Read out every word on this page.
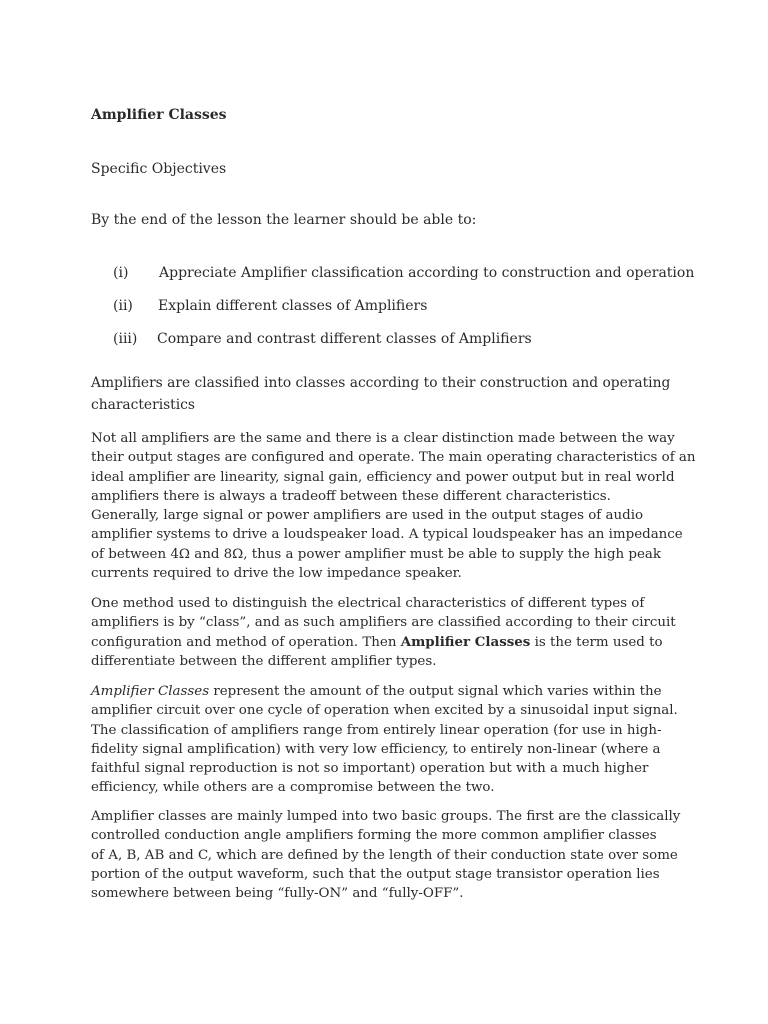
Amplifier Classes
Specific Objectives
By the end of the lesson the learner should be able to:
(i) Appreciate Amplifier classification according to construction and operation
(ii) Explain different classes of Amplifiers
(iii) Compare and contrast different classes of Amplifiers
Amplifiers are classified into classes according to their construction and operating
characteristics
Not all amplifiers are the same and there is a clear distinction made between the way
their output stages are configured and operate. The main operating characteristics of an
ideal amplifier are linearity, signal gain, efficiency and power output but in real world
amplifiers there is always a tradeoff between these different characteristics.
Generally, large signal or power amplifiers are used in the output stages of audio
amplifier systems to drive a loudspeaker load. A typical loudspeaker has an impedance
of between 4Ω and 8Ω, thus a power amplifier must be able to supply the high peak
currents required to drive the low impedance speaker.
One method used to distinguish the electrical characteristics of different types of
amplifiers is by “class”, and as such amplifiers are classified according to their circuit
configuration and method of operation. Then Amplifier Classes is the term used to
differentiate between the different amplifier types.
Amplifier Classes represent the amount of the output signal which varies within the
amplifier circuit over one cycle of operation when excited by a sinusoidal input signal.
The classification of amplifiers range from entirely linear operation (for use in high-
fidelity signal amplification) with very low efficiency, to entirely non-linear (where a
faithful signal reproduction is not so important) operation but with a much higher
efficiency, while others are a compromise between the two.
Amplifier classes are mainly lumped into two basic groups. The first are the classically
controlled conduction angle amplifiers forming the more common amplifier classes
of A, B, AB and C, which are defined by the length of their conduction state over some
portion of the output waveform, such that the output stage transistor operation lies
somewhere between being “fully-ON” and “fully-OFF”.
